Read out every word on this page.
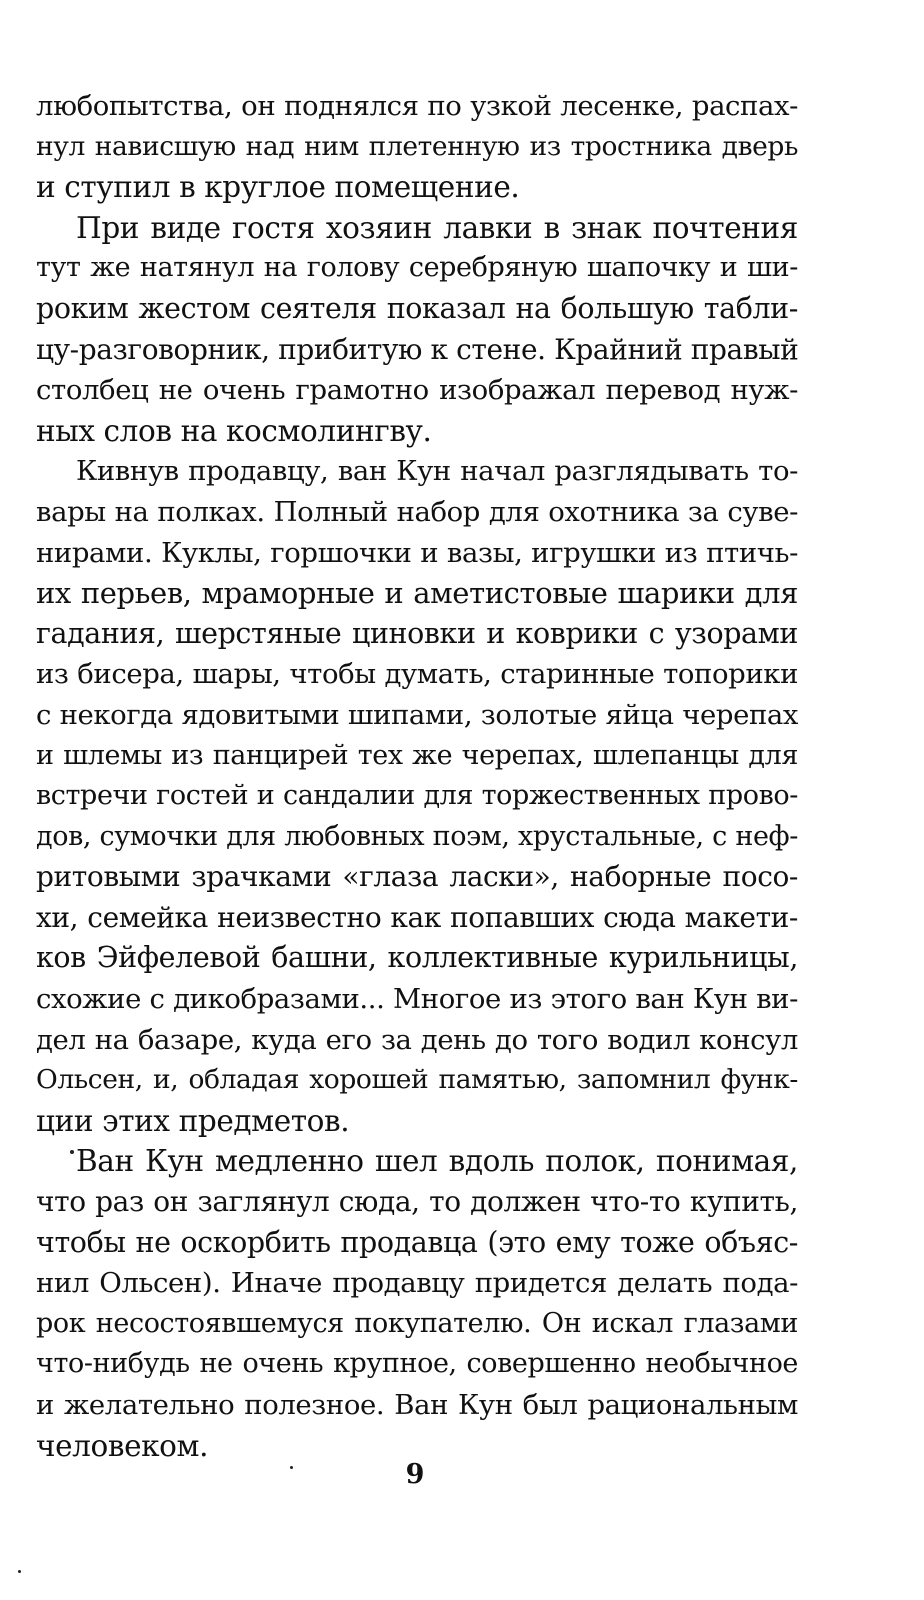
любопытства, он поднялся по узкой лесенке, распах-
нул нависшую над ним плетенную из тростника дверь
и ступил в круглое помещение.
При виде гостя хозяин лавки в знак почтения
тут же натянул на голову серебряную шапочку и ши-
роким жестом сеятеля показал на большую табли-
цу-разговорник, прибитую к стене. Крайний правый
столбец не очень грамотно изображал перевод нуж-
ных слов на космолингву.
Кивнув продавцу, ван Кун начал разглядывать то-
вары на полках. Полный набор для охотника за суве-
нирами. Куклы, горшочки и вазы, игрушки из птичь-
их перьев, мраморные и аметистовые шарики для
гадания, шерстяные циновки и коврики с узорами
из бисера, шары, чтобы думать, старинные топорики
с некогда ядовитыми шипами, золотые яйца черепах
и шлемы из панцирей тех же черепах, шлепанцы для
встречи гостей и сандалии для торжественных прово-
дов, сумочки для любовных поэм, хрустальные, с неф-
ритовыми зрачками «глаза ласки», наборные посо-
хи, семейка неизвестно как попавших сюда макети-
ков Эйфелевой башни, коллективные курильницы,
схожие с дикобразами... Многое из этого ван Кун ви-
дел на базаре, куда его за день до того водил консул
Ольсен, и, обладая хорошей памятью, запомнил функ-
ции этих предметов.
Ван Кун медленно шел вдоль полок, понимая,
что раз он заглянул сюда, то должен что-то купить,
чтобы не оскорбить продавца (это ему тоже объяс-
нил Ольсен). Иначе продавцу придется делать пода-
рок несостоявшемуся покупателю. Он искал глазами
что-нибудь не очень крупное, совершенно необычное
и желательно полезное. Ван Кун был рациональным
человеком.
9
